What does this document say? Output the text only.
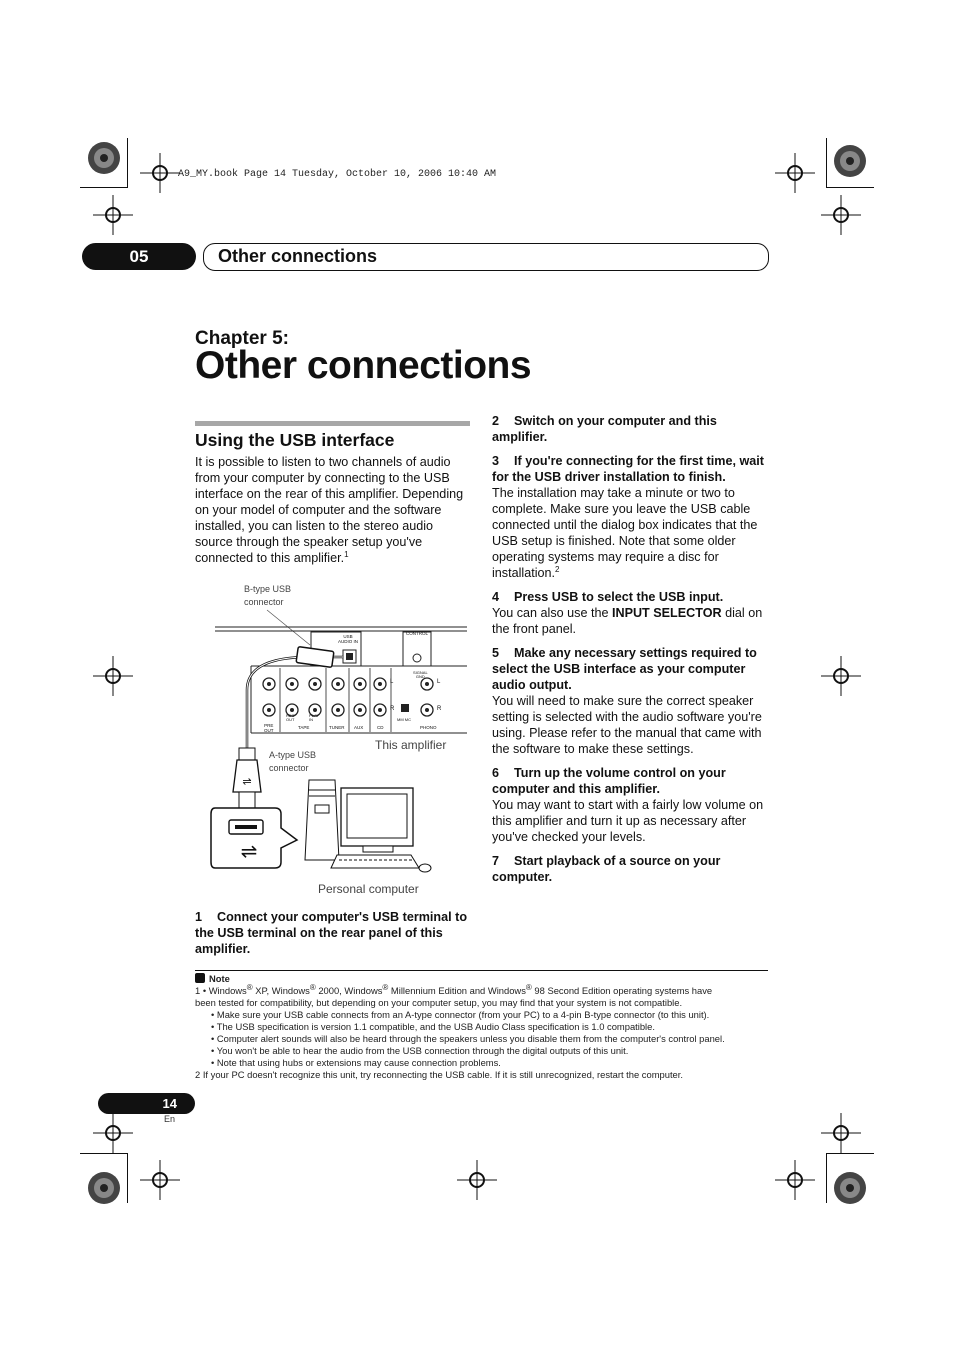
A9_MY.book Page 14 Tuesday, October 10, 2006 10:40 AM
05	Other connections
Chapter 5:
Other connections
Using the USB interface
It is possible to listen to two channels of audio from your computer by connecting to the USB interface on the rear of this amplifier. Depending on your model of computer and the software installed, you can listen to the stereo audio source through the speaker setup you've connected to this amplifier.$^1$
B-type USB
connector
A-type USB
connector
This amplifier
Personal computer
⇌
⇌
USB
AUDIO IN
CONTROL
SIGNAL
GND
PRE
OUT
TAPE	TUNER AUX	CD	PHONO
REC
OUT
PLAY
IN	MM MC
L
R
L
R
1 Connect your computer's USB terminal to the USB terminal on the rear panel of this amplifier.

2 Switch on your computer and this amplifier.

3 If you're connecting for the first time, wait for the USB driver installation to finish.

The installation may take a minute or two to complete. Make sure you leave the USB cable connected until the dialog box indicates that the USB setup is finished. Note that some older operating systems may require a disc for installation.$^2$

4 Press USB to select the USB input.

You can also use the INPUT SELECTOR dial on the front panel.

5 Make any necessary settings required to select the USB interface as your computer audio output.

You will need to make sure the correct speaker setting is selected with the audio software you're using. Please refer to the manual that came with the software to make these settings.

6 Turn up the volume control on your computer and this amplifier.

You may want to start with a fairly low volume on this amplifier and turn it up as necessary after you've checked your levels.

7 Start playback of a source on your computer.

Note
1 • Windows® XP, Windows® 2000, Windows® Millennium Edition and Windows® 98 Second Edition operating systems have
been tested for compatibility, but depending on your computer setup, you may find that your system is not compatible.
• Make sure your USB cable connects from an A-type connector (from your PC) to a 4-pin B-type connector (to this unit).
• The USB specification is version 1.1 compatible, and the USB Audio Class specification is 1.0 compatible.
• Computer alert sounds will also be heard through the speakers unless you disable them from the computer's control panel.
• You won't be able to hear the audio from the USB connection through the digital outputs of this unit.
• Note that using hubs or extensions may cause connection problems.
2 If your PC doesn't recognize this unit, try reconnecting the USB cable. If it is still unrecognized, restart the computer.
14
En
